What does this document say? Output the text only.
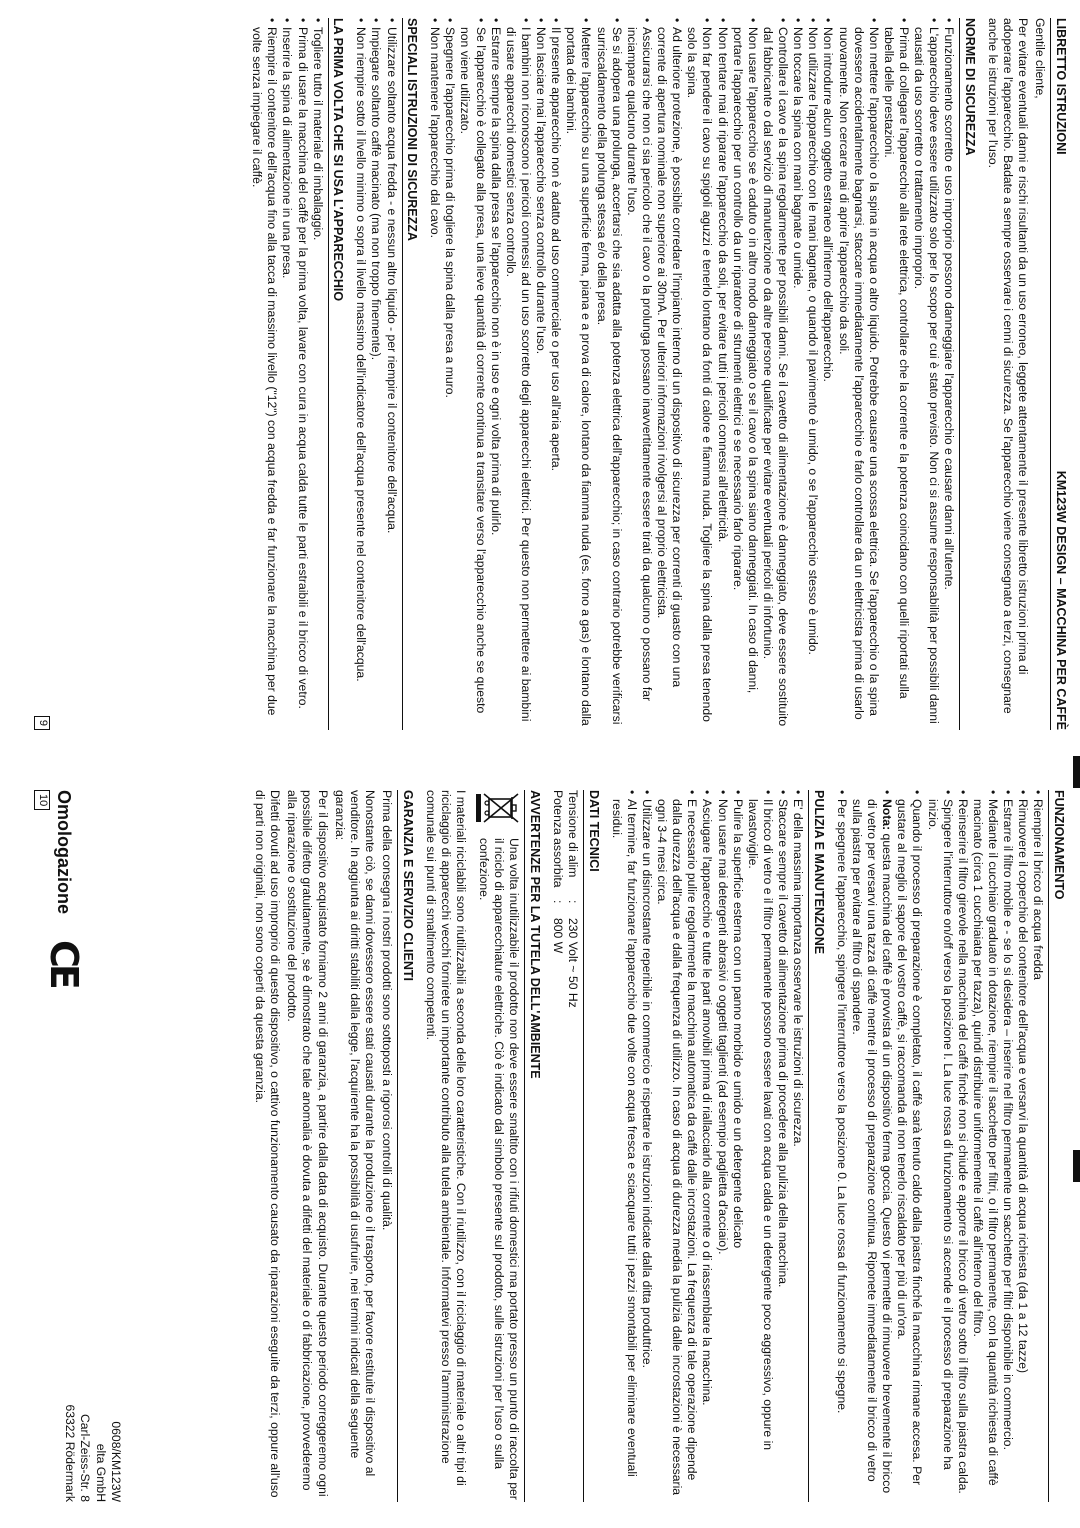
LIBRETTO ISTRUZIONI
KM123W DESIGN – MACCHINA PER CAFFÈ

Gentile cliente,

Per evitare eventuali danni e rischi risultanti da un uso erroneo, leggete attentamente il presente libretto istruzioni prima di adoperare l'apparecchio. Badate a sempre osservare i cenni di sicurezza. Se l'apparecchio viene consegnato a terzi, consegnare anche le istruzioni per l'uso.

NORME DI SICUREZZA
• Funzionamento scorretto e uso improprio possono danneggiare l'apparecchio e causare danni all'utente.
• L'apparecchio deve essere utilizzato solo per lo scopo per cui è stato previsto. Non ci si assume responsabilità per possibili danni causati da uso scorretto o trattamento improprio.
• Prima di collegare l'apparecchio alla rete elettrica, controllare che la corrente e la potenza coincidano con quelli riportati sulla tabella delle prestazioni.
• Non mettere l'apparecchio o la spina in acqua o altro liquido. Potrebbe causare una scossa elettrica. Se l'apparecchio o la spina dovessero accidentalmente bagnarsi, staccare immediatamente l'apparecchio e farlo controllare da un elettricista prima di usarlo nuovamente. Non cercare mai di aprire l'apparecchio da soli.
• Non introdurre alcun oggetto estraneo all'interno dell'apparecchio.
• Non utilizzare l'apparecchio con le mani bagnate, o quando il pavimento è umido, o se l'apparecchio stesso è umido.
• Non toccare la spina con mani bagnate o umide.
• Controllare il cavo e la spina regolarmente per possibili danni. Se il cavetto di alimentazione è danneggiato, deve essere sostituito dal fabbricante o dal servizio di manutenzione o da altre persone qualificate per evitare eventuali pericoli di infortunio.
• Non usare l'apparecchio se è caduto o in altro modo danneggiato o se il cavo o la spina siano danneggiati. In caso di danni, portare l'apparecchio per un controllo da un riparatore di strumenti elettrici e se necessario farlo riparare.
• Non tentare mai di riparare l'apparecchio da soli, per evitare tutti i pericoli connessi all'elettricità.
• Non far pendere il cavo su spigoli aguzzi e tenerlo lontano da fonti di calore e fiamma nuda. Togliere la spina dalla presa tenendo solo la spina.
• Ad ulteriore protezione, è possibile corredare l'impianto interno di un dispositivo di sicurezza per correnti di guasto con una corrente di apertura nominale non superiore ai 30mA. Per ulteriori informazioni rivolgersi al proprio elettricista.
• Assicurarsi che non ci sia pericolo che il cavo o la prolunga possano inavvertitamente essere tirati da qualcuno o possano far inciampare qualcuno durante l'uso.
• Se si adopera una prolunga, accertarsi che sia adatta alla potenza elettrica dell'apparecchio; in caso contrario potrebbe verificarsi surriscaldamento della prolunga stessa e/o della presa.
• Mettere l'apparecchio su una superficie ferma, piana e a prova di calore, lontano da fiamma nuda (es. forno a gas) e lontano dalla portata dei bambini.
• Il presente apparecchio non è adatto ad uso commerciale o per uso all'aria aperta.
• Non lasciare mai l'apparecchio senza controllo durante l'uso.
• I bambini non riconoscono i pericoli connessi ad un uso scorretto degli apparecchi elettrici. Per questo non permettere ai bambini di usare apparecchi domestici senza controllo.
• Estrarre sempre la spina dalla presa se l'apparecchio non è in uso e ogni volta prima di pulirlo.
• Se l'apparecchio è collegato alla presa, una lieve quantità di corrente continua a transitare verso l'apparecchio anche se questo non viene utilizzato.
• Spegnere l'apparecchio prima di togliere la spina dalla presa a muro.
• Non mantenere l'apparecchio dal cavo.
SPECIALI ISTRUZIONI DI SICUREZZA
• Utilizzare soltanto acqua fredda - e nessun altro liquido - per riempire il contenitore dell'acqua.
• Impiegare soltanto caffè macinato (ma non troppo finemente).
• Non riempire sotto il livello minimo o sopra il livello massimo dell'indicatore dell'acqua presente nel contenitore dell'acqua.
LA PRIMA VOLTA CHE SI USA L'APPARECCHIO
• Togliere tutto il materiale di imballaggio.
• Prima di usare la macchina del caffè per la prima volta, lavare con cura in acqua calda tutte le parti estraibili e il bricco di vetro.
• Inserire la spina di alimentazione in una presa.
• Riempire il contenitore dell'acqua fino alla tacca di massimo livello ("12") con acqua fredda e far funzionare la macchina per due volte senza impiegare il caffè.
9
FUNZIONAMENTO
• Riempire il bricco di acqua fredda
• Rimuovere il coperchio del contenitore dell'acqua e versarvi la quantità di acqua richiesta (da 1 a 12 tazze)
• Estrarre il filtro mobile e - se lo si desidera – inserire nel filtro permanente un sacchetto per filtri disponibile in commercio.
• Mediante il cucchiaio graduato in dotazione, riempire il sacchetto per filtri, o il filtro permanente, con la quantità richiesta di caffè macinato (circa 1 cucchiaiata per tazza), quindi distribuire uniformemente il caffè all'interno del filtro.
• Reinserire il filtro girevole nella macchina del caffè finché non si chiude e apporre il bricco di vetro sotto il filtro sulla piastra calda.
• Spingere l'interruttore on/off verso la posizione I. La luce rossa di funzionamento si accende e il processo di preparazione ha inizio.
• Quando il processo di preparazione è completato, il caffè sarà tenuto caldo dalla piastra finché la macchina rimane accesa. Per gustare al meglio il sapore del vostro caffè, si raccomanda di non tenerlo riscaldato per più di un'ora.
• Nota: questa macchina del caffè è provvista di un dispositivo ferma goccia. Questo vi permette di rimuovere brevemente il bricco di vetro per versarvi una tazza di caffè mentre il processo di preparazione continua. Riponete immediatamente il bricco di vetro sulla piastra per evitare al filtro di spandere.
• Per spegnere l'apparecchio, spingere l'interruttore verso la posizione 0. La luce rossa di funzionamento si spegne.
PULIZIA E MANUTENZIONE
• E' della massima importanza osservare le istruzioni di sicurezza.
• Staccare sempre il cavetto di alimentazione prima di procedere alla pulizia della macchina.
• Il bricco di vetro e il filtro permanente possono essere lavati con acqua calda e un detergente poco aggressivo, oppure in lavastoviglie.
• Pulire la superficie esterna con un panno morbido e umido e un detergente delicato
• Non usare mai detergenti abrasivi o oggetti taglienti (ad esempio paglietta d'acciaio).
• Asciugare l'apparecchio e tutte le parti amovibili prima di riallacciarlo alla corrente o di riassemblare la macchina.
• E necessario pulire regolarmente la macchina automatica da caffè dalle incrostazioni. La frequenza di tale operazione dipende dalla durezza dell'acqua e dalla frequenza di utilizzo. In caso di acqua di durezza media la pulizia dalle incrostazioni è necessaria ogni 3-4 mesi circa.
• Utilizzare un disincrostante reperibile in commercio e rispettare le istruzioni indicate dalla ditta produttrice.
• Al termine, far funzionare l'apparecchio due volte con acqua fresca e sciacquare tutti i pezzi smontabili per eliminare eventuali residui.
DATI TECNICI
Tensione di alim
:
230 Volt ~ 50 Hz
Potenza assorbita
:
800 W
AVVERTENZE PER LA TUTELA DELL'AMBIENTE

Una volta inutilizzabile il prodotto non deve essere smaltito con i rifiuti domestici ma portato presso un punto di raccolta per il riciclo di apparecchiature elettriche. Ciò è indicato dal simbolo presente sul prodotto, sulle istruzioni per l'uso o sulla confezione.

I materiali riciclabili sono riutilizzabili a seconda delle loro caratteristiche. Con il riutilizzo, con il riciclaggio di materiale o altri tipi di riciclaggio di apparecchi vecchi fornirete un importante contributo alla tutela ambientale. Informatevi presso l'amministrazione comunale sui punti di smaltimento competenti.

GARANZIA E SERVIZIO CLIENTI

Prima della consegna i nostri prodotti sono sottoposti a rigorosi controlli di qualità.

Nonostante ciò, se danni dovessero essere stati causati durante la produzione o il trasporto, per favore restituite il dispositivo al venditore. In aggiunta ai diritti stabiliti dalla legge, l'acquirente ha la possibilità di usufruire, nei termini indicati della seguente garanzia:

Per il dispositivo acquistato forniamo 2 anni di garanzia, a partire dalla data di acquisto. Durante questo periodo correggeremo ogni possibile difetto gratuitamente, se è dimostrato che tale anomalia è dovuta a difetti del materiale o di fabbricazione, provvederemo alla riparazione o sostituzione del prodotto.

Difetti dovuti ad uso improprio di questo dispositivo, o cattivo funzionamento causato da riparazioni eseguite da terzi, oppure all'uso di parti non originali, non sono coperti da questa garanzia.

0608/KM123W
elta GmbH
Carl-Zeiss-Str. 8
63322 Rödermark
Omologazione
CE
10
